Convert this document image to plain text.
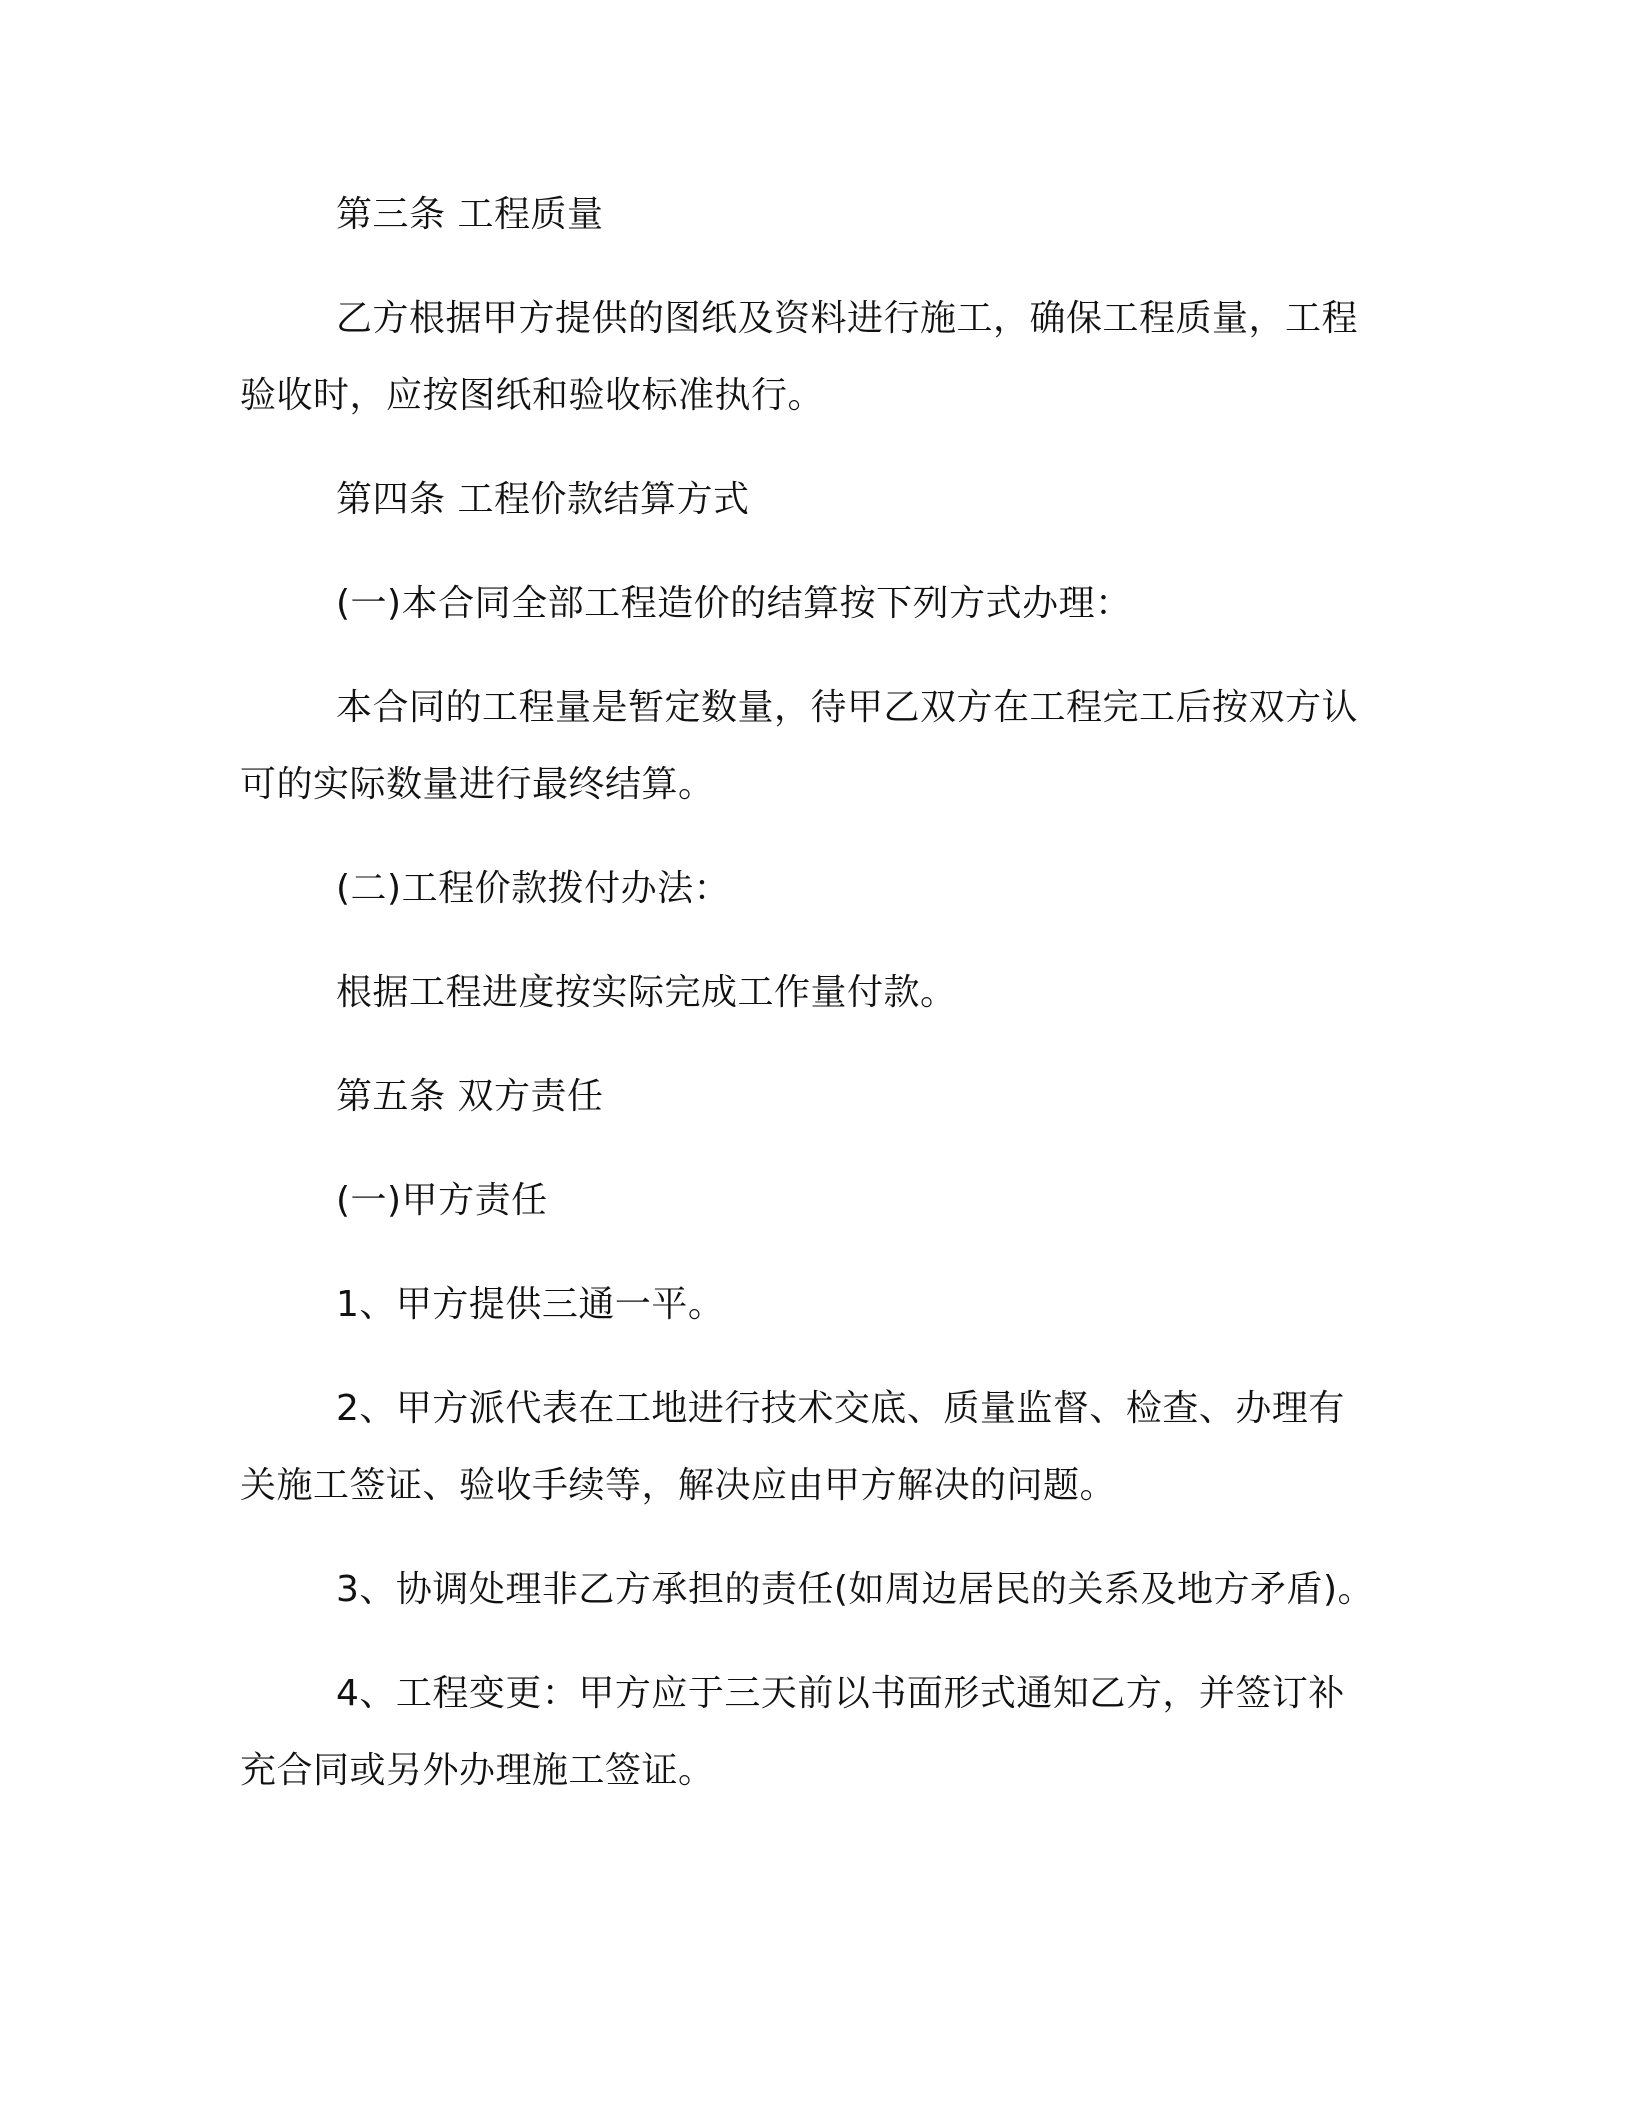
第三条 工程质量

乙方根据甲方提供的图纸及资料进行施工，确保工程质量，工程验收时，应按图纸和验收标准执行。

第四条 工程价款结算方式

(一)本合同全部工程造价的结算按下列方式办理：

本合同的工程量是暂定数量，待甲乙双方在工程完工后按双方认可的实际数量进行最终结算。

(二)工程价款拨付办法：

根据工程进度按实际完成工作量付款。

第五条 双方责任

(一)甲方责任

1、甲方提供三通一平。

2、甲方派代表在工地进行技术交底、质量监督、检查、办理有关施工签证、验收手续等，解决应由甲方解决的问题。

3、协调处理非乙方承担的责任(如周边居民的关系及地方矛盾)。

4、工程变更：甲方应于三天前以书面形式通知乙方，并签订补充合同或另外办理施工签证。
